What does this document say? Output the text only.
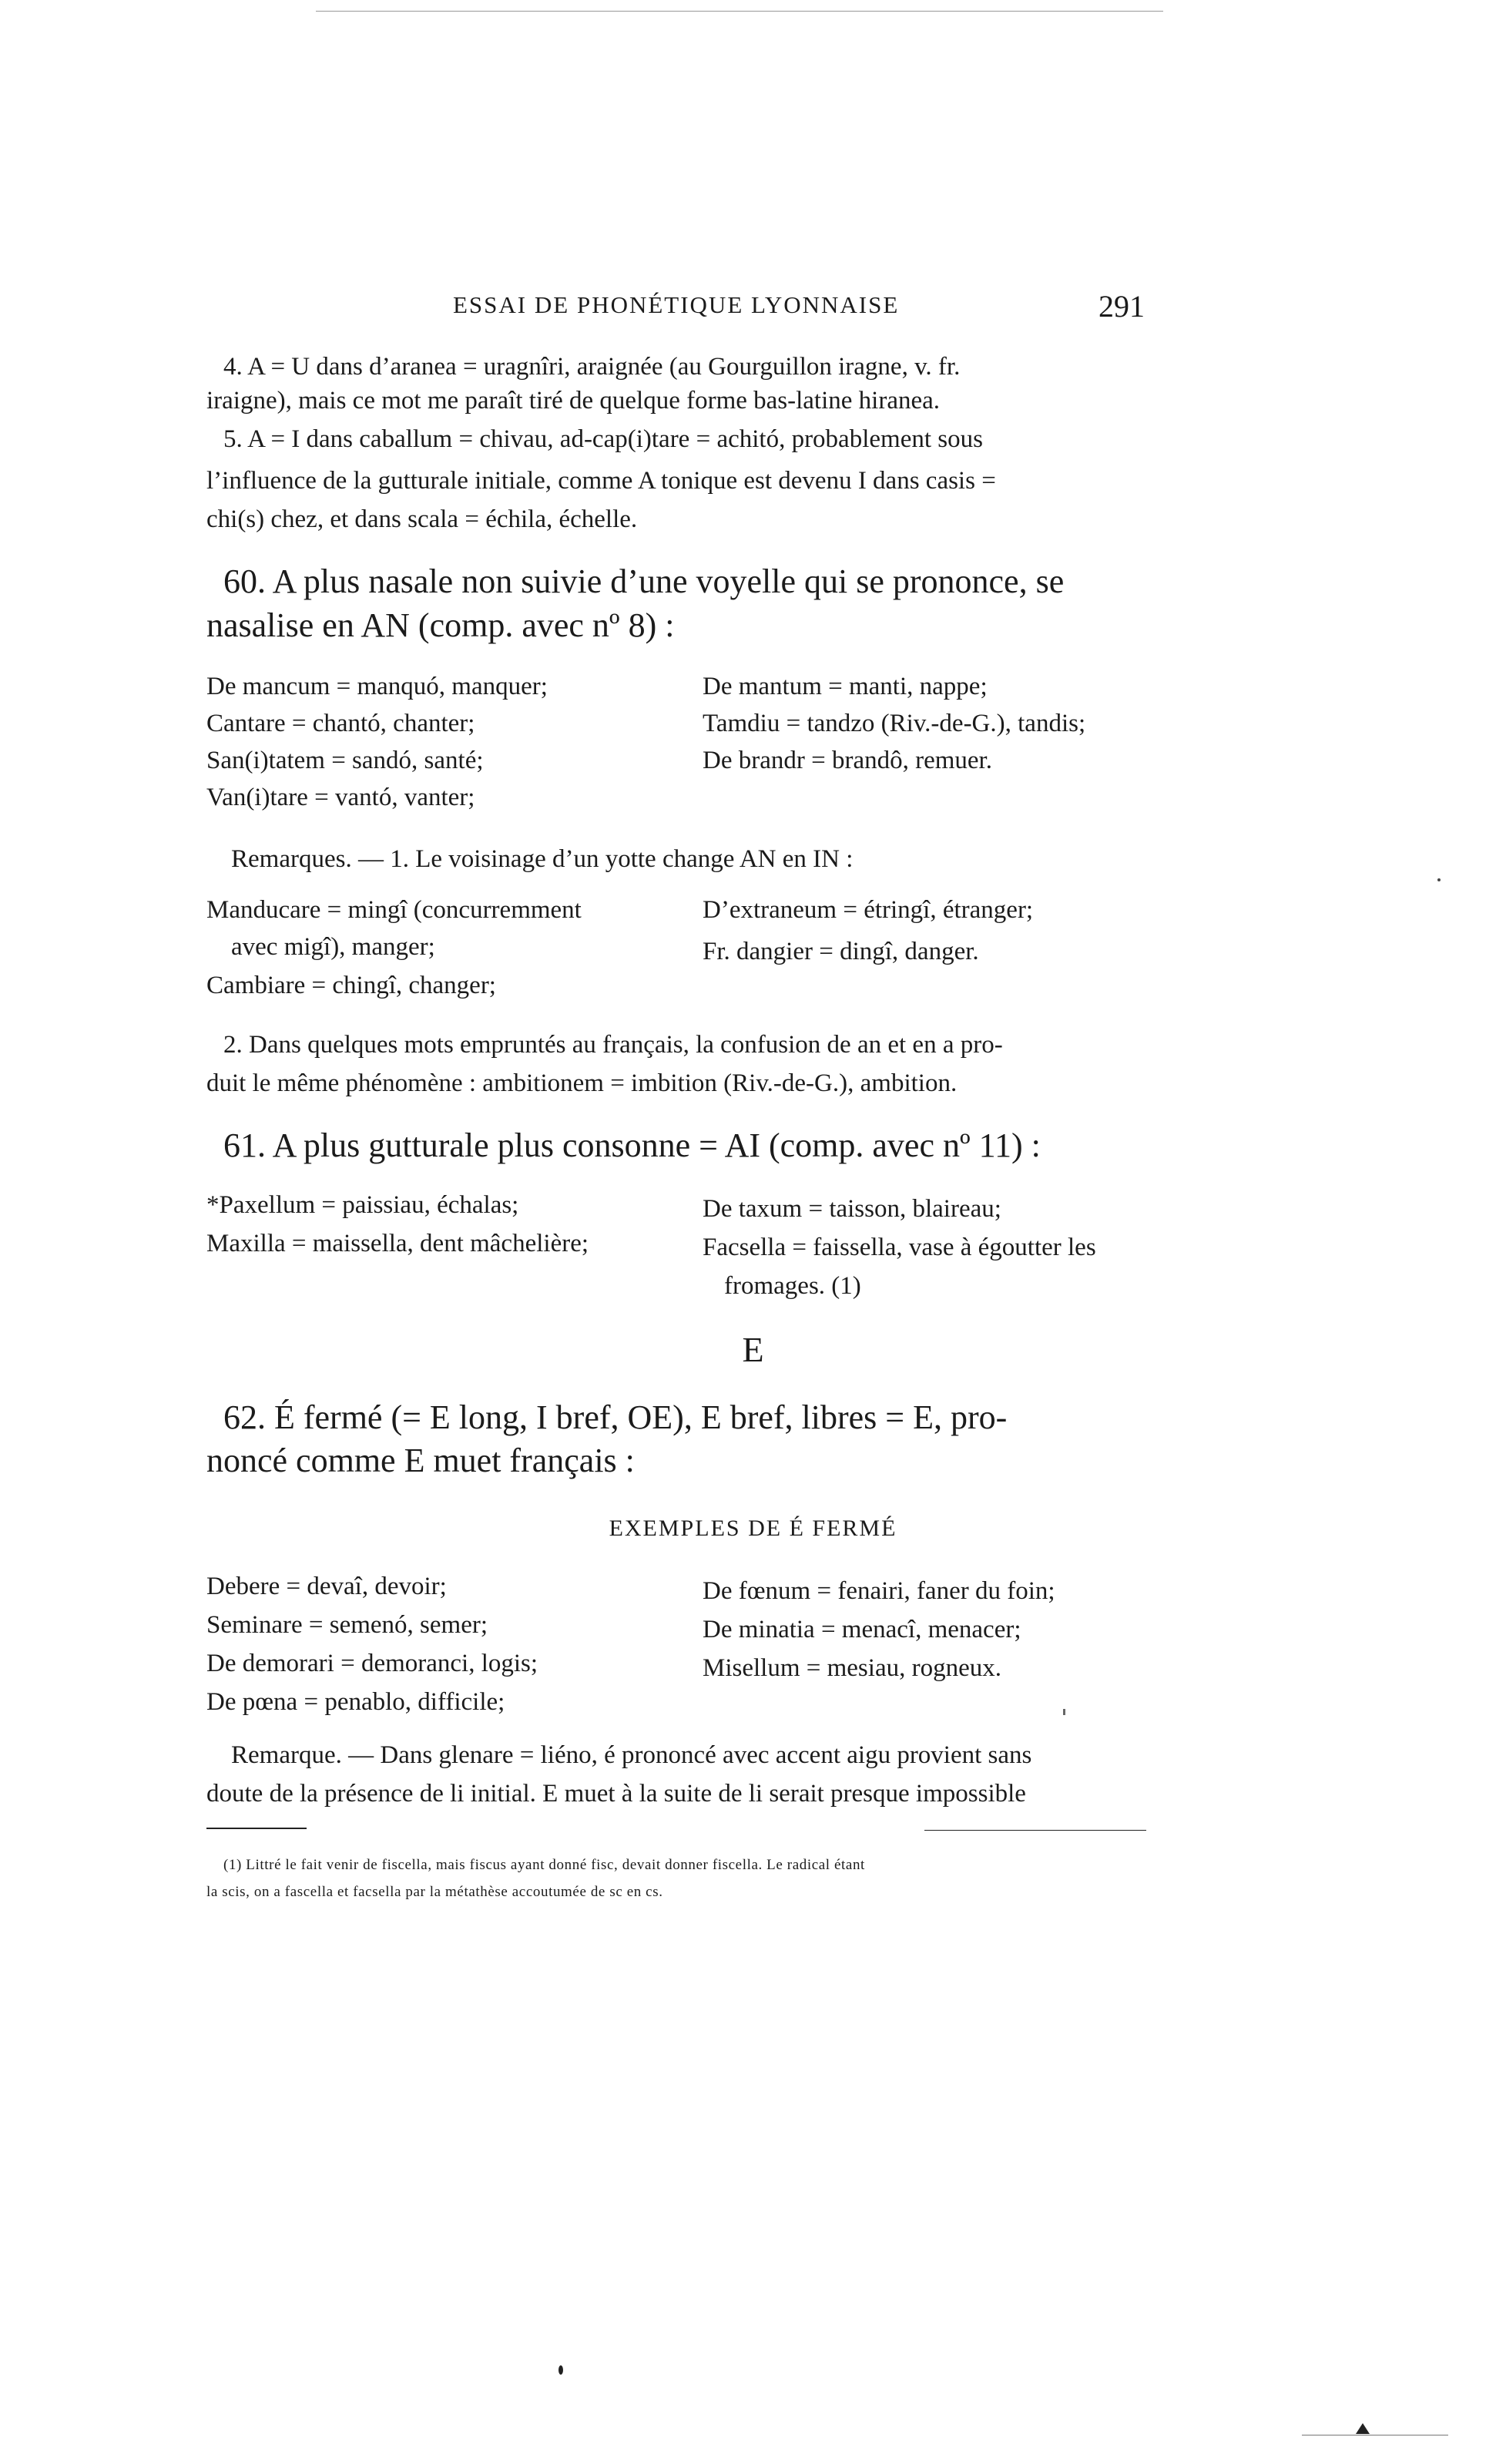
ESSAI DE PHONÉTIQUE LYONNAISE	291
4. A = U dans d’aranea = uragnîri, araignée (au Gourguillon iragne, v. fr.
iraigne), mais ce mot me paraît tiré de quelque forme bas-latine hiranea.
5. A = I dans caballum = chivau, ad-cap(i)tare = achitó, probablement sous
l’influence de la gutturale initiale, comme A tonique est devenu I dans casis =
chi(s) chez, et dans scala = échila, échelle.
60. A plus nasale non suivie d’une voyelle qui se prononce, se
nasalise en AN (comp. avec nº 8) :
De mancum = manquó, manquer;
Cantare = chantó, chanter;
San(i)tatem = sandó, santé;
Van(i)tare = vantó, vanter;
De mantum = manti, nappe;
Tamdiu = tandzo (Riv.-de-G.), tandis;
De brandr = brandô, remuer.
Remarques. — 1. Le voisinage d’un yotte change AN en IN :
Manducare = mingî (concurremment
avec migî), manger;
Cambiare = chingî, changer;
D’extraneum = étringî, étranger;
Fr. dangier = dingî, danger.
2. Dans quelques mots empruntés au français, la confusion de an et en a pro-
duit le même phénomène : ambitionem = imbition (Riv.-de-G.), ambition.
61. A plus gutturale plus consonne = AI (comp. avec nº 11) :
*Paxellum = paissiau, échalas;
Maxilla = maissella, dent mâchelière;
De taxum = taisson, blaireau;
Facsella = faissella, vase à égoutter les
fromages. (1)
E
62. É fermé (= E long, I bref, OE), E bref, libres = E, pro-
noncé comme E muet français :
EXEMPLES DE É FERMÉ
Debere = devaî, devoir;
Seminare = semenó, semer;
De demorari = demoranci, logis;
De pœna = penablo, difficile;
De fœnum = fenairi, faner du foin;
De minatia = menacî, menacer;
Misellum = mesiau, rogneux.
Remarque. — Dans glenare = liéno, é prononcé avec accent aigu provient sans
doute de la présence de li initial. E muet à la suite de li serait presque impossible
(1) Littré le fait venir de fiscella, mais fiscus ayant donné fisc, devait donner fiscella. Le radical étant
la scis, on a fascella et facsella par la métathèse accoutumée de sc en cs.
